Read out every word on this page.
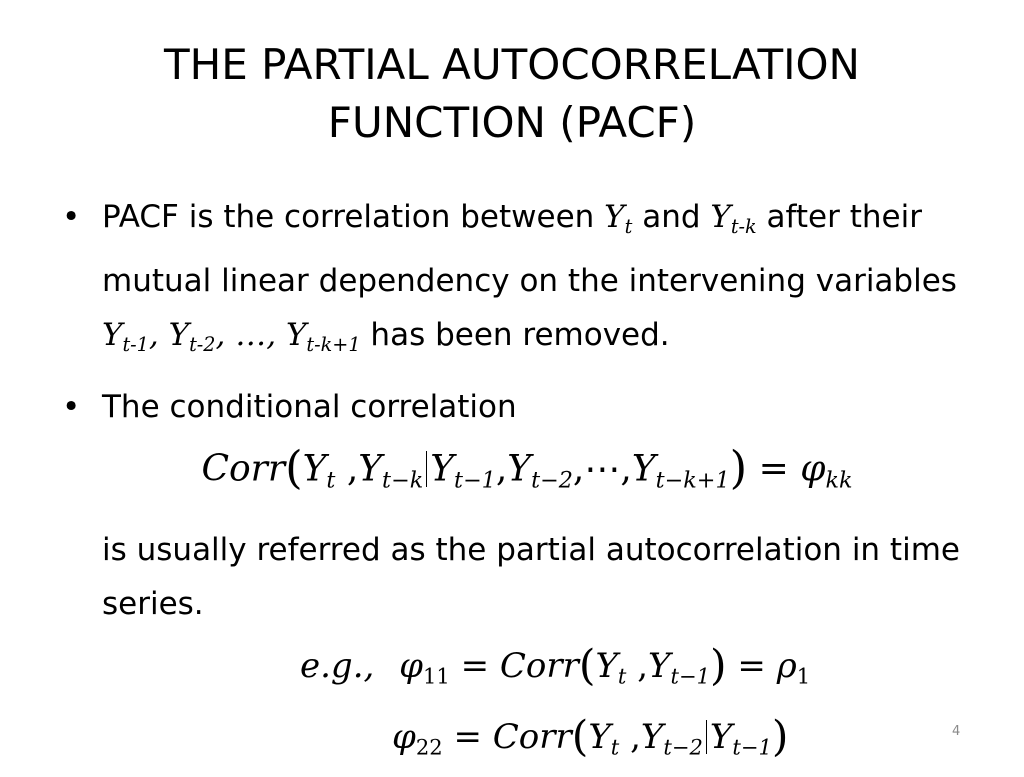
THE PARTIAL AUTOCORRELATION
FUNCTION (PACF)
• PACF is the correlation between $Y_t$ and $Y_{t-k}$ after their mutual linear dependency on the intervening variables $Y_{t-1}$, $Y_{t-2}$, …, $Y_{t-k+1}$ has been removed.
• The conditional correlation
$Corr(Y_t$ $,Y_{t-k}$ $Y_{t-1},Y_{t-2},\cdots,Y_{t-k+1}) = \varphi_{kk}$
is usually referred as the partial autocorrelation in time series.
e.g., $\varphi 11 = Corr(Y_t$ $,Y_{t-1}) = \rho 1$
$\varphi 22 = Corr(Y_t$ $,Y_{t-2}$ $Y_{t-1}$)	4
